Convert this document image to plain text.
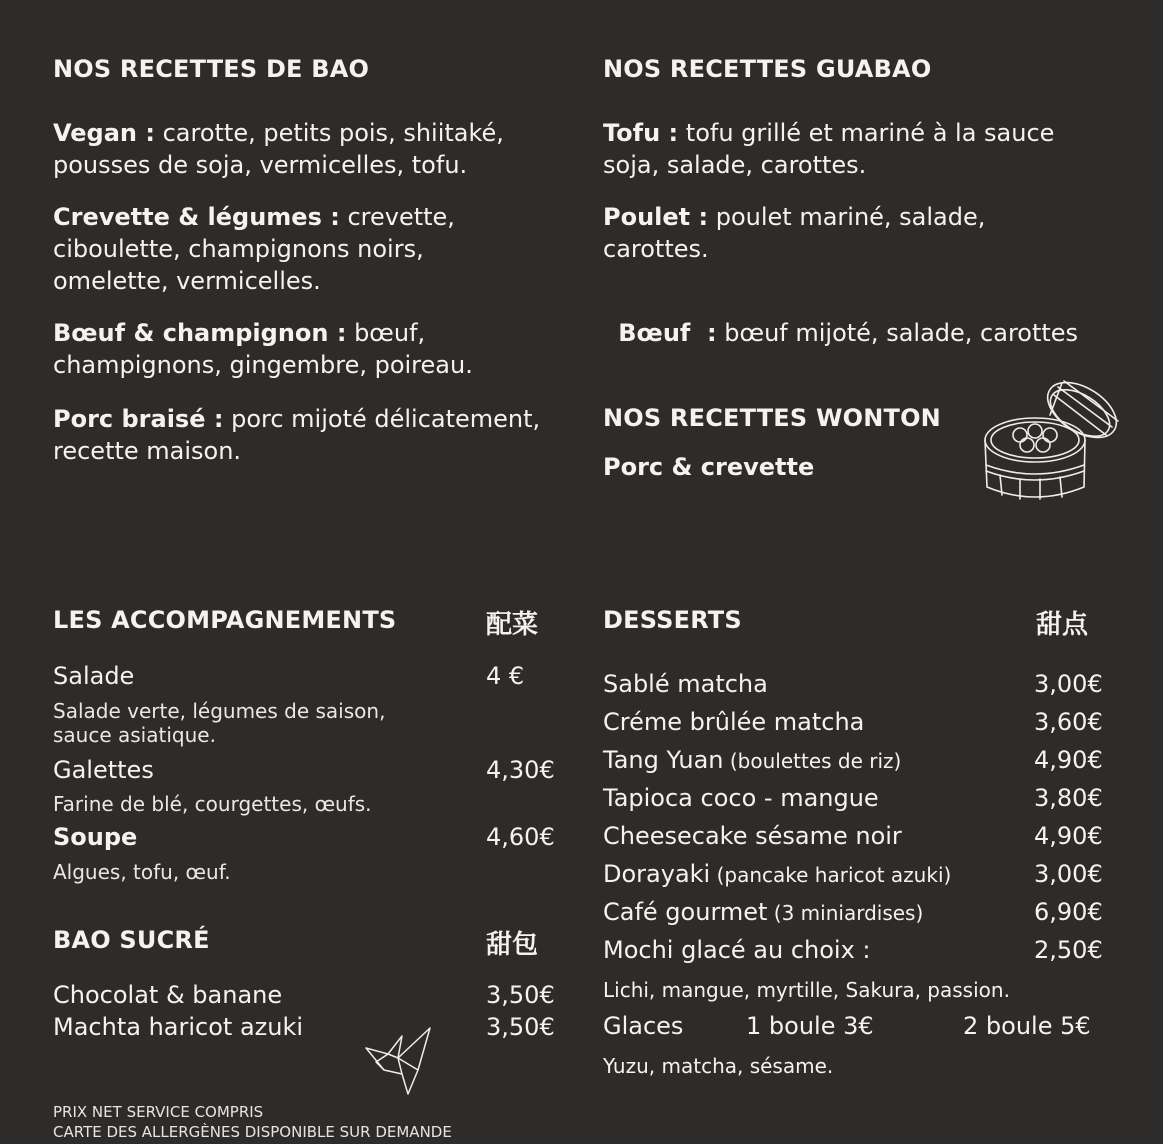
NOS RECETTES DE BAO
Vegan : carotte, petits pois, shiitaké, pousses de soja, vermicelles, tofu.
Crevette & légumes : crevette, ciboulette, champignons noirs, omelette, vermicelles.
Bœuf & champignon : bœuf, champignons, gingembre, poireau.
Porc braisé : porc mijoté délicatement, recette maison.
NOS RECETTES GUABAO
Tofu : tofu grillé et mariné à la sauce soja, salade, carottes.
Poulet : poulet mariné, salade, carottes.

Bœuf  : bœuf mijoté, salade, carottes

NOS RECETTES WONTON
Porc & crevette
LES ACCOMPAGNEMENTS	配菜
Salade	4 €
Salade verte, légumes de saison, sauce asiatique.
Galettes	4,30€
Farine de blé, courgettes, œufs.
Soupe	4,60€
Algues, tofu, œuf.
BAO SUCRÉ	甜包
Chocolat & banane	3,50€
Machta haricot azuki	3,50€
PRIX NET SERVICE COMPRIS
CARTE DES ALLERGÈNES DISPONIBLE SUR DEMANDE
DESSERTS	甜点
Sablé matcha	3,00€
Créme brûlée matcha	3,60€
Tang Yuan (boulettes de riz)	4,90€
Tapioca coco - mangue	3,80€
Cheesecake sésame noir	4,90€
Dorayaki (pancake haricot azuki)	3,00€
Café gourmet (3 miniardises)	6,90€
Mochi glacé au choix :	2,50€
Lichi, mangue, myrtille, Sakura, passion.
Glaces	1 boule 3€	2 boule 5€
Yuzu, matcha, sésame.
